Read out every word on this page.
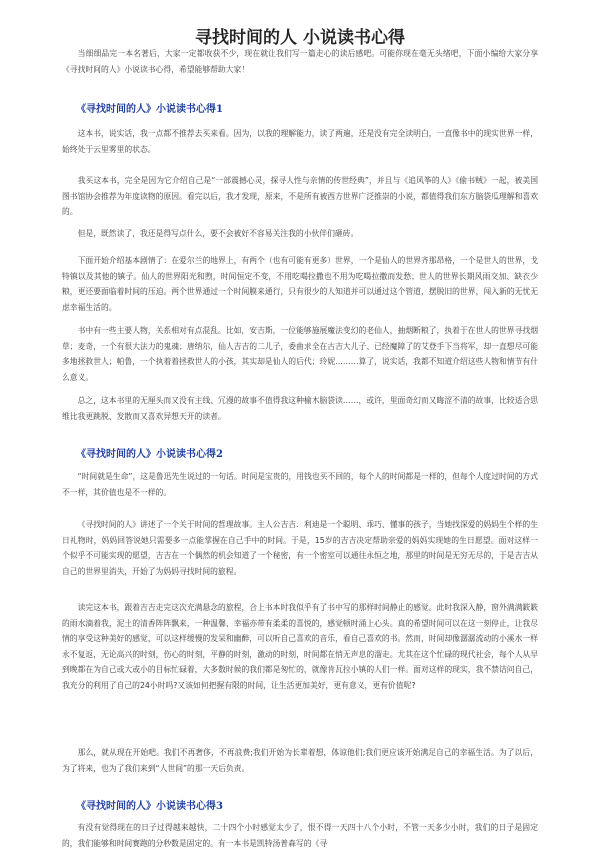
寻找时间的人 小说读书心得

当细细品完一本名著后，大家一定都收获不少，现在就让我们写一篇走心的读后感吧。可能你现在毫无头绪吧，下面小编给大家分享《寻找时间的人》小说读书心得，希望能够帮助大家！

《寻找时间的人》小说读书心得1

这本书，说实话，我一点都不推荐去买来看。因为，以我的理解能力，读了两遍，还是没有完全读明白，一直像书中的现实世界一样，始终处于云里雾里的状态。

我买这本书，完全是因为它介绍自己是“一部震撼心灵，探寻人性与亲情的传世经典”，并且与《追风筝的人》《偷书贼》一起，被美国图书馆协会推荐为年度读物的原因。看完以后，我才发现，原来，不是所有被西方世界广泛推崇的小说，都值得我们东方脑袋瓜理解和喜欢的。

但是，既然读了，我还是得写点什么，要不会被好不容易关注我的小伙伴们砸砖。

下面开始介绍基本剧情了：在爱尔兰的地界上，有两个（也有可能有更多）世界，一个是仙人的世界齐那昂格，一个是世人的世界，戈特镇以及其他的镇子。仙人的世界阳光和煦，时间恒定不变，不用吃喝拉撒也不用为吃喝拉撒而发愁；世人的世界长期风雨交加、缺衣少粮，更还要面临着时间的压迫。两个世界通过一个时间膜来通行，只有很少的人知道并可以通过这个管道，摆脱旧的世界，闯入新的无忧无虑幸福生活的。

书中有一些主要人物，关系相对有点混乱。比如，安吉斯，一位能够施展魔法变幻的老仙人，抽烟断粮了，执着于在世人的世界寻找烟草；麦奇，一个有很大法力的鬼魂；唐纳尔，仙人吉吉的二儿子，委曲求全在古吉大儿子、已经魔障了的艾登手下当将军，却一直想尽可能多地拯救世人；帕鲁，一个执着着拯救世人的小孩，其实却是仙人的后代；玲妮………算了，说实话，我都不知道介绍这些人物和情节有什么意义。

总之，这本书里的无厘头而又没有主线、冗漫的故事不值得我这种榆木脑袋读……，或许，里面奇幻而又晦涩不清的故事，比较适合思维比我更跳脱、发散而又喜欢异想天开的读者。

《寻找时间的人》小说读书心得2

“时间就是生命”，这是鲁迅先生说过的一句话。时间是宝贵的，用钱也买不回的，每个人的时间都是一样的，但每个人度过时间的方式不一样，其价值也是不一样的。

《寻找时间的人》讲述了一个关于时间的哲理故事。主人公吉吉．利迪是一个聪明、乖巧、懂事的孩子，当她找深爱的妈妈生个样的生日礼物时，妈妈回答说她只需要多一点能掌握在自己手中的时间。于是，15岁的吉吉决定帮助亲爱的妈妈实现她的生日愿望。面对这样一个似乎不可能实现的愿望，吉吉在一个偶然的机会知道了一个秘密，有一个密室可以通往永恒之地，那里的时间是无穷无尽的，于是吉吉从自己的世界里消失，开始了为妈妈寻找时间的旅程。

读完这本书，跟着吉吉走完这次充满悬念的旅程，合上书本时我似乎有了书中写的那样时间静止的感觉。此时我深入静，窗外满满簌簌的雨水滴着我，泥土的清香阵阵飘来，一种温馨、幸福亦带有柔柔的喜悦的，感觉顿时涌上心头。真的希望时间可以在这一刻停止，让我尽情的享受这种美好的感觉，可以这样缓慢的发呆和幽醉，可以听自己喜欢的音乐，看自己喜欢的书。然而，时间却像潺潺流动的小溪水一样永不复返，无论高兴的时刻，伤心的时刻，平静的时刻，激动的时刻，时间都在悄无声息的溜走。尤其在这个忙碌的现代社会，每个人从早到晚都在为自己或大或小的目标忙碌着，大多数时候的我们都是匆忙的，就像肯瓦拉小镇的人们一样。面对这样的现实，我不禁诘问自己，我充分的利用了自己的24小时吗?又该如何把握有限的时间，让生活更加美好，更有意义，更有价值呢?

那么，就从现在开始吧。我们不再奢侈，不再浪费;我们开始为长辈着想，体谅他们;我们更应该开始满足自己的幸福生活。为了以后，为了将来，也为了我们来到“人世间”的那一天后负责。

《寻找时间的人》小说读书心得3

有没有觉得现在的日子过得越来越快，二十四个小时感觉太少了，恨不得一天四十八个小时，不管一天多少小时，我们的日子是固定的，我们能够和时间赛跑的分秒数是固定的。有一本书是凯特汤普森写的《寻
